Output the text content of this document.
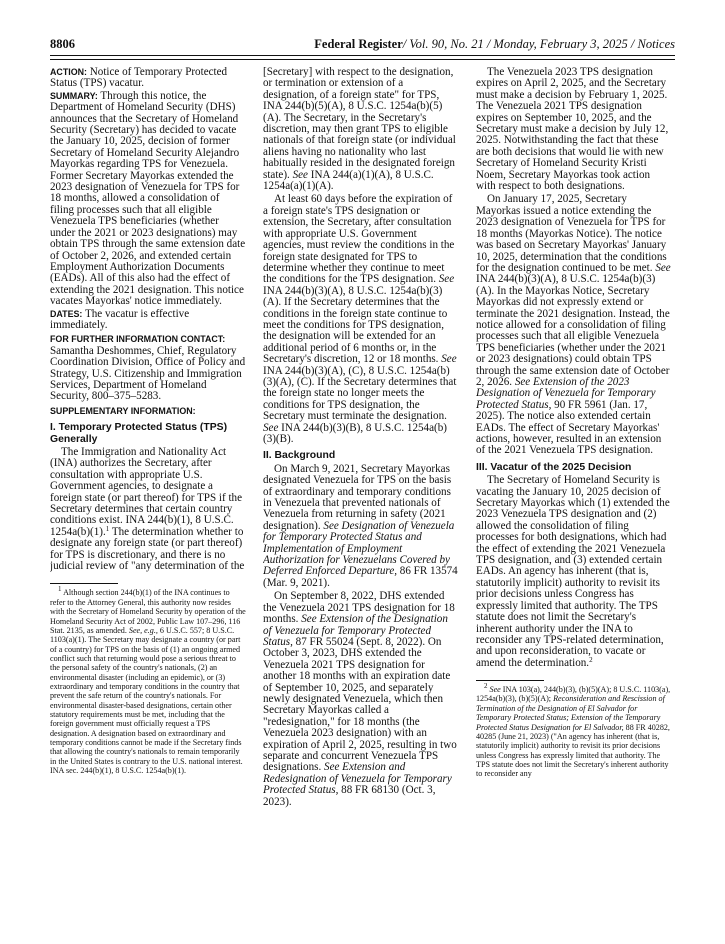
8806	Federal Register/ Vol. 90, No. 21 / Monday, February 3, 2025 / Notices

ACTION: Notice of Temporary Protected Status (TPS) vacatur.

SUMMARY: Through this notice, the Department of Homeland Security (DHS) announces that the Secretary of Homeland Security (Secretary) has decided to vacate the January 10, 2025, decision of former Secretary of Homeland Security Alejandro Mayorkas regarding TPS for Venezuela. Former Secretary Mayorkas extended the 2023 designation of Venezuela for TPS for 18 months, allowed a consolidation of filing processes such that all eligible Venezuela TPS beneficiaries (whether under the 2021 or 2023 designations) may obtain TPS through the same extension date of October 2, 2026, and extended certain Employment Authorization Documents (EADs). All of this also had the effect of extending the 2021 designation. This notice vacates Mayorkas' notice immediately.

DATES: The vacatur is effective immediately.

FOR FURTHER INFORMATION CONTACT:

Samantha Deshommes, Chief, Regulatory Coordination Division, Office of Policy and Strategy, U.S. Citizenship and Immigration Services, Department of Homeland Security, 800–375–5283.

SUPPLEMENTARY INFORMATION:

I. Temporary Protected Status (TPS) Generally

The Immigration and Nationality Act (INA) authorizes the Secretary, after consultation with appropriate U.S. Government agencies, to designate a foreign state (or part thereof) for TPS if the Secretary determines that certain country conditions exist. INA 244(b)(1), 8 U.S.C. 1254a(b)(1).$^1$ The determination whether to designate any foreign state (or part thereof) for TPS is discretionary, and there is no judicial review of "any determination of the

$^1$ Although section 244(b)(1) of the INA continues to refer to the Attorney General, this authority now resides with the Secretary of Homeland Security by operation of the Homeland Security Act of 2002, Public Law 107–296, 116 Stat. 2135, as amended. See, e.g., 6 U.S.C. 557; 8 U.S.C. 1103(a)(1). The Secretary may designate a country (or part of a country) for TPS on the basis of (1) an ongoing armed conflict such that returning would pose a serious threat to the personal safety of the country's nationals, (2) an environmental disaster (including an epidemic), or (3) extraordinary and temporary conditions in the country that prevent the safe return of the country's nationals. For environmental disaster-based designations, certain other statutory requirements must be met, including that the foreign government must officially request a TPS designation. A designation based on extraordinary and temporary conditions cannot be made if the Secretary finds that allowing the country's nationals to remain temporarily in the United States is contrary to the U.S. national interest. INA sec. 244(b)(1), 8 U.S.C. 1254a(b)(1).

[Secretary] with respect to the designation, or termination or extension of a designation, of a foreign state" for TPS, INA 244(b)(5)(A), 8 U.S.C. 1254a(b)(5)(A). The Secretary, in the Secretary's discretion, may then grant TPS to eligible nationals of that foreign state (or individual aliens having no nationality who last habitually resided in the designated foreign state). See INA 244(a)(1)(A), 8 U.S.C. 1254a(a)(1)(A).

At least 60 days before the expiration of a foreign state's TPS designation or extension, the Secretary, after consultation with appropriate U.S. Government agencies, must review the conditions in the foreign state designated for TPS to determine whether they continue to meet the conditions for the TPS designation. See INA 244(b)(3)(A), 8 U.S.C. 1254a(b)(3)(A). If the Secretary determines that the conditions in the foreign state continue to meet the conditions for TPS designation, the designation will be extended for an additional period of 6 months or, in the Secretary's discretion, 12 or 18 months. See INA 244(b)(3)(A), (C), 8 U.S.C. 1254a(b)(3)(A), (C). If the Secretary determines that the foreign state no longer meets the conditions for TPS designation, the Secretary must terminate the designation. See INA 244(b)(3)(B), 8 U.S.C. 1254a(b)(3)(B).

II. Background

On March 9, 2021, Secretary Mayorkas designated Venezuela for TPS on the basis of extraordinary and temporary conditions in Venezuela that prevented nationals of Venezuela from returning in safety (2021 designation). See Designation of Venezuela for Temporary Protected Status and Implementation of Employment Authorization for Venezuelans Covered by Deferred Enforced Departure, 86 FR 13574 (Mar. 9, 2021).

On September 8, 2022, DHS extended the Venezuela 2021 TPS designation for 18 months. See Extension of the Designation of Venezuela for Temporary Protected Status, 87 FR 55024 (Sept. 8, 2022). On October 3, 2023, DHS extended the Venezuela 2021 TPS designation for another 18 months with an expiration date of September 10, 2025, and separately newly designated Venezuela, which then Secretary Mayorkas called a "redesignation," for 18 months (the Venezuela 2023 designation) with an expiration of April 2, 2025, resulting in two separate and concurrent Venezuela TPS designations. See Extension and Redesignation of Venezuela for Temporary Protected Status, 88 FR 68130 (Oct. 3, 2023).

The Venezuela 2023 TPS designation expires on April 2, 2025, and the Secretary must make a decision by February 1, 2025. The Venezuela 2021 TPS designation expires on September 10, 2025, and the Secretary must make a decision by July 12, 2025. Notwithstanding the fact that these are both decisions that would lie with new Secretary of Homeland Security Kristi Noem, Secretary Mayorkas took action with respect to both designations.

On January 17, 2025, Secretary Mayorkas issued a notice extending the 2023 designation of Venezuela for TPS for 18 months (Mayorkas Notice). The notice was based on Secretary Mayorkas' January 10, 2025, determination that the conditions for the designation continued to be met. See INA 244(b)(3)(A), 8 U.S.C. 1254a(b)(3)(A). In the Mayorkas Notice, Secretary Mayorkas did not expressly extend or terminate the 2021 designation. Instead, the notice allowed for a consolidation of filing processes such that all eligible Venezuela TPS beneficiaries (whether under the 2021 or 2023 designations) could obtain TPS through the same extension date of October 2, 2026. See Extension of the 2023 Designation of Venezuela for Temporary Protected Status, 90 FR 5961 (Jan. 17, 2025). The notice also extended certain EADs. The effect of Secretary Mayorkas' actions, however, resulted in an extension of the 2021 Venezuela TPS designation.

III. Vacatur of the 2025 Decision

The Secretary of Homeland Security is vacating the January 10, 2025 decision of Secretary Mayorkas which (1) extended the 2023 Venezuela TPS designation and (2) allowed the consolidation of filing processes for both designations, which had the effect of extending the 2021 Venezuela TPS designation, and (3) extended certain EADs. An agency has inherent (that is, statutorily implicit) authority to revisit its prior decisions unless Congress has expressly limited that authority. The TPS statute does not limit the Secretary's inherent authority under the INA to reconsider any TPS-related determination, and upon reconsideration, to vacate or amend the determination.$^2$

$^2$ See INA 103(a), 244(b)(3), (b)(5)(A); 8 U.S.C. 1103(a), 1254a(b)(3), (b)(5)(A); Reconsideration and Rescission of Termination of the Designation of El Salvador for Temporary Protected Status; Extension of the Temporary Protected Status Designation for El Salvador, 88 FR 40282, 40285 (June 21, 2023) ("An agency has inherent (that is, statutorily implicit) authority to revisit its prior decisions unless Congress has expressly limited that authority. The TPS statute does not limit the Secretary's inherent authority to reconsider any
